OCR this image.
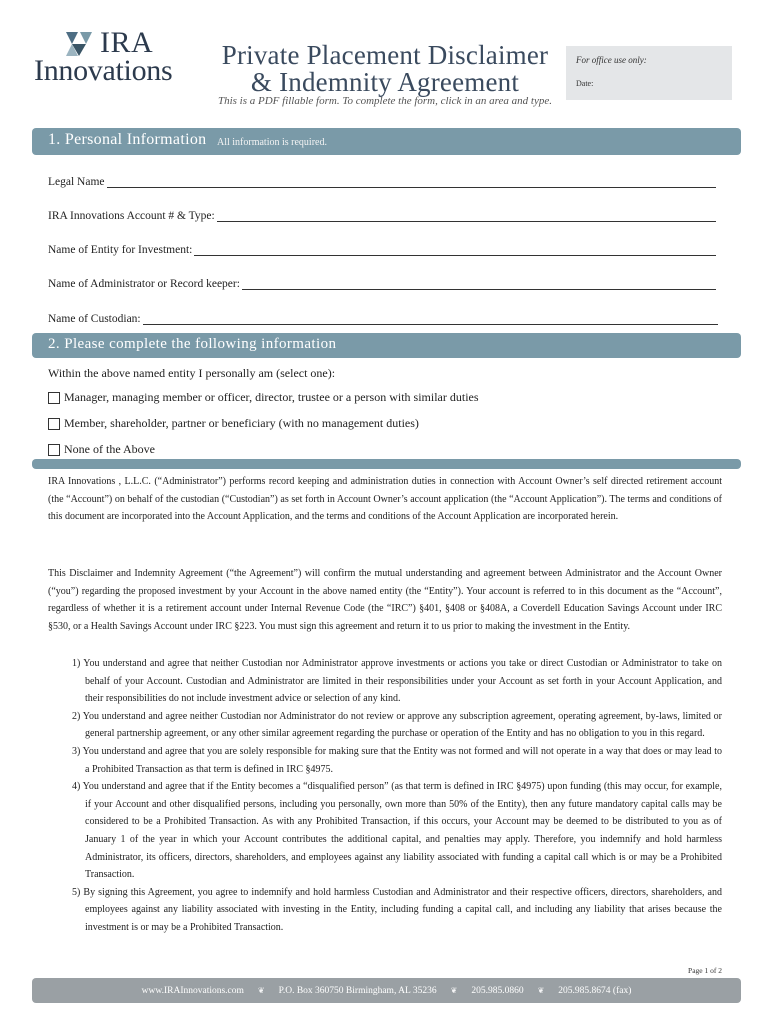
IRA
Innovations	Private Placement Disclaimer
& Indemnity Agreement
This is a PDF fillable form. To complete the form, click in an area and type.
For office use only:
Date:
1. Personal Information All information is required.
Legal Name
IRA Innovations Account # & Type:
Name of Entity for Investment:
Name of Administrator or Record keeper:
Name of Custodian:
2. Please complete the following information
Within the above named entity I personally am (select one):
Manager, managing member or officer, director, trustee or a person with similar duties
Member, shareholder, partner or beneficiary (with no management duties)
None of the Above
IRA Innovations , L.L.C. (“Administrator”) performs record keeping and administration duties in connection with Account Owner’s self directed retirement account (the “Account”) on behalf of the custodian (“Custodian”) as set forth in Account Owner’s account application (the “Account Application”). The terms and conditions of this document are incorporated into the Account Application, and the terms and conditions of the Account Application are incorporated herein.
This Disclaimer and Indemnity Agreement (“the Agreement”) will confirm the mutual understanding and agreement between Administrator and the Account Owner (“you”) regarding the proposed investment by your Account in the above named entity (the “Entity”). Your account is referred to in this document as the “Account”, regardless of whether it is a retirement account under Internal Revenue Code (the “IRC”) §401, §408 or §408A, a Coverdell Education Savings Account under IRC §530, or a Health Savings Account under IRC §223. You must sign this agreement and return it to us prior to making the investment in the Entity.
1) You understand and agree that neither Custodian nor Administrator approve investments or actions you take or direct Custodian or Administrator to take on behalf of your Account. Custodian and Administrator are limited in their responsibilities under your Account as set forth in your Account Application, and their responsibilities do not include investment advice or selection of any kind.
2) You understand and agree neither Custodian nor Administrator do not review or approve any subscription agreement, operating agreement, by-laws, limited or general partnership agreement, or any other similar agreement regarding the purchase or operation of the Entity and has no obligation to you in this regard.
3) You understand and agree that you are solely responsible for making sure that the Entity was not formed and will not operate in a way that does or may lead to a Prohibited Transaction as that term is defined in IRC §4975.
4) You understand and agree that if the Entity becomes a “disqualified person” (as that term is defined in IRC §4975) upon funding (this may occur, for example, if your Account and other disqualified persons, including you personally, own more than 50% of the Entity), then any future mandatory capital calls may be considered to be a Prohibited Transaction. As with any Prohibited Transaction, if this occurs, your Account may be deemed to be distributed to you as of January 1 of the year in which your Account contributes the additional capital, and penalties may apply. Therefore, you indemnify and hold harmless Administrator, its officers, directors, shareholders, and employees against any liability associated with funding a capital call which is or may be a Prohibited Transaction.
5) By signing this Agreement, you agree to indemnify and hold harmless Custodian and Administrator and their respective officers, directors, shareholders, and employees against any liability associated with investing in the Entity, including funding a capital call, and including any liability that arises because the investment is or may be a Prohibited Transaction.
Page 1 of 2
www.IRAInnovations.com ❦ P.O. Box 360750 Birmingham, AL 35236 ❦ 205.985.0860 ❦ 205.985.8674 (fax)
